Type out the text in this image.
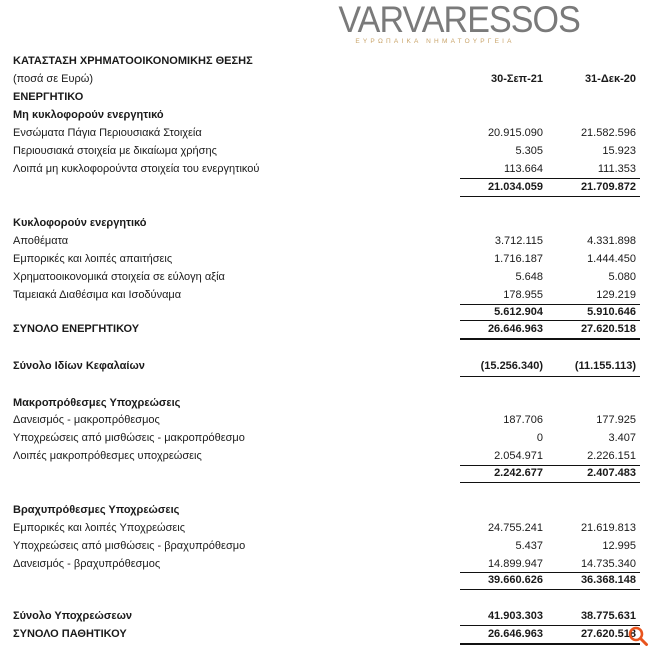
VARVARESSOS
ΕΥΡΩΠΑΙΚΑ ΝΗΜΑΤΟΥΡΓΕΙΑ
ΚΑΤΑΣΤΑΣΗ ΧΡΗΜΑΤΟΟΙΚΟΝΟΜΙΚΗΣ ΘΕΣΗΣ
(ποσά σε Ευρώ)	30-Σεπ-21	31-Δεκ-20
ΕΝΕΡΓΗΤΙΚΟ
Μη κυκλοφορούν ενεργητικό
Ενσώματα Πάγια Περιουσιακά Στοιχεία	20.915.090	21.582.596
Περιουσιακά στοιχεία με δικαίωμα χρήσης	5.305	15.923
Λοιπά μη κυκλοφορούντα στοιχεία του ενεργητικού	113.664	111.353
21.034.059	21.709.872
Κυκλοφορούν ενεργητικό
Αποθέματα	3.712.115	4.331.898
Εμπορικές και λοιπές απαιτήσεις	1.716.187	1.444.450
Χρηματοοικονομικά στοιχεία σε εύλογη αξία	5.648	5.080
Ταμειακά Διαθέσιμα και Ισοδύναμα	178.955	129.219
5.612.904	5.910.646
ΣΥΝΟΛΟ ΕΝΕΡΓΗΤΙΚΟΥ	26.646.963	27.620.518
Σύνολο Ιδίων Κεφαλαίων	(15.256.340)	(11.155.113)
Μακροπρόθεσμες Υποχρεώσεις
Δανεισμός - μακροπρόθεσμος	187.706	177.925
Υποχρεώσεις από μισθώσεις - μακροπρόθεσμο	0	3.407
Λοιπές μακροπρόθεσμες υποχρεώσεις	2.054.971	2.226.151
2.242.677	2.407.483
Βραχυπρόθεσμες Υποχρεώσεις
Εμπορικές και λοιπές Υποχρεώσεις	24.755.241	21.619.813
Υποχρεώσεις από μισθώσεις - βραχυπρόθεσμο	5.437	12.995
Δανεισμός - βραχυπρόθεσμος	14.899.947	14.735.340
39.660.626	36.368.148
Σύνολο Υποχρεώσεων	41.903.303	38.775.631
ΣΥΝΟΛΟ ΠΑΘΗΤΙΚΟΥ	26.646.963	27.620.518
